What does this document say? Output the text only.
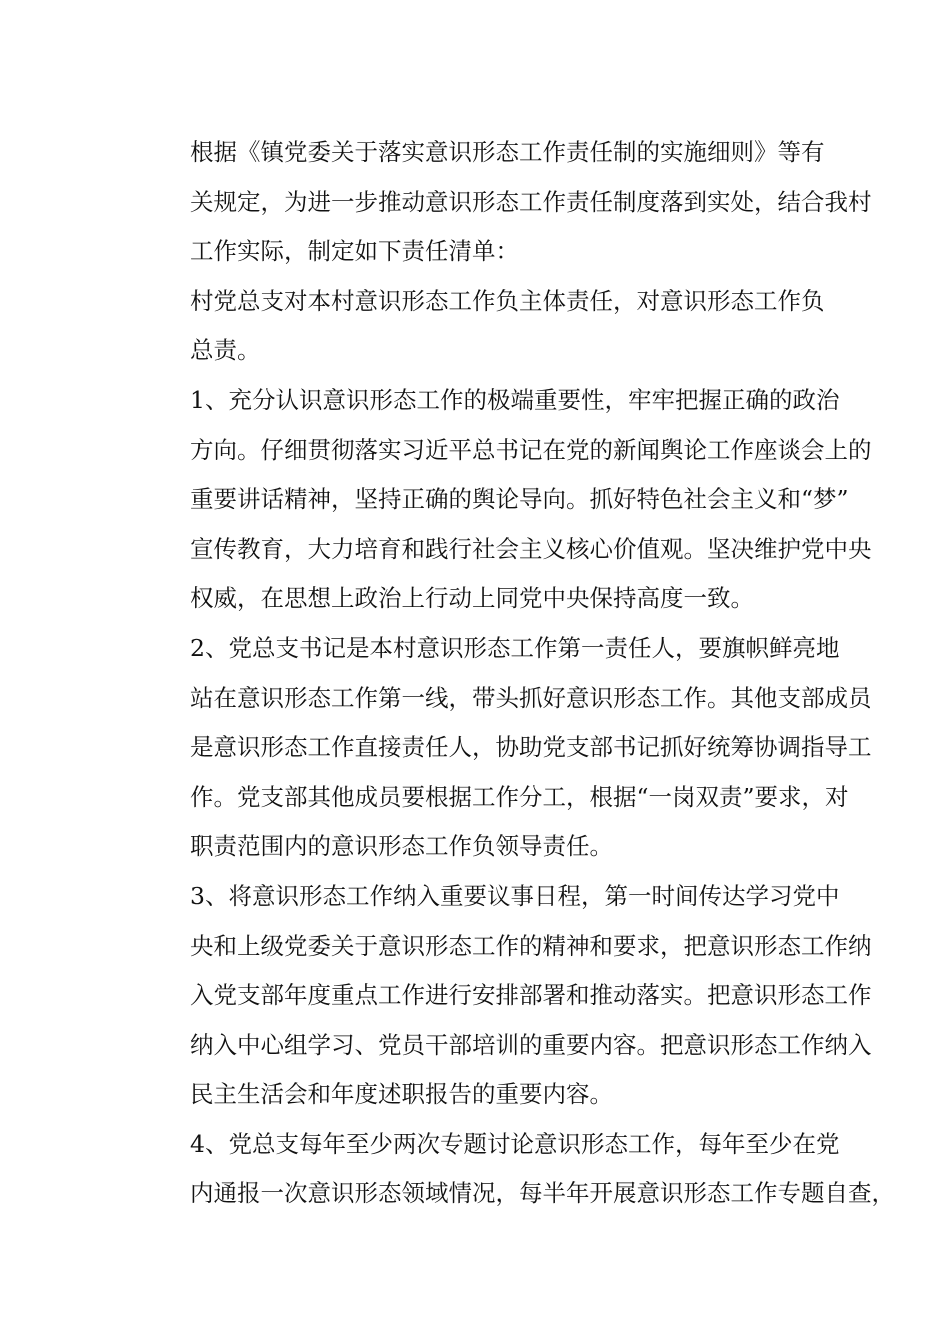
根据《镇党委关于落实意识形态工作责任制的实施细则》等有
关规定，为进一步推动意识形态工作责任制度落到实处，结合我村
工作实际，制定如下责任清单：

村党总支对本村意识形态工作负主体责任，对意识形态工作负
总责。

1、充分认识意识形态工作的极端重要性，牢牢把握正确的政治
方向。仔细贯彻落实习近平总书记在党的新闻舆论工作座谈会上的
重要讲话精神，坚持正确的舆论导向。抓好特色社会主义和“梦”
宣传教育，大力培育和践行社会主义核心价值观。坚决维护党中央
权威，在思想上政治上行动上同党中央保持高度一致。

2、党总支书记是本村意识形态工作第一责任人，要旗帜鲜亮地
站在意识形态工作第一线，带头抓好意识形态工作。其他支部成员
是意识形态工作直接责任人，协助党支部书记抓好统筹协调指导工
作。党支部其他成员要根据工作分工，根据“一岗双责”要求，对
职责范围内的意识形态工作负领导责任。

3、将意识形态工作纳入重要议事日程，第一时间传达学习党中
央和上级党委关于意识形态工作的精神和要求，把意识形态工作纳
入党支部年度重点工作进行安排部署和推动落实。把意识形态工作
纳入中心组学习、党员干部培训的重要内容。把意识形态工作纳入
民主生活会和年度述职报告的重要内容。

4、党总支每年至少两次专题讨论意识形态工作，每年至少在党
内通报一次意识形态领域情况，每半年开展意识形态工作专题自查，
